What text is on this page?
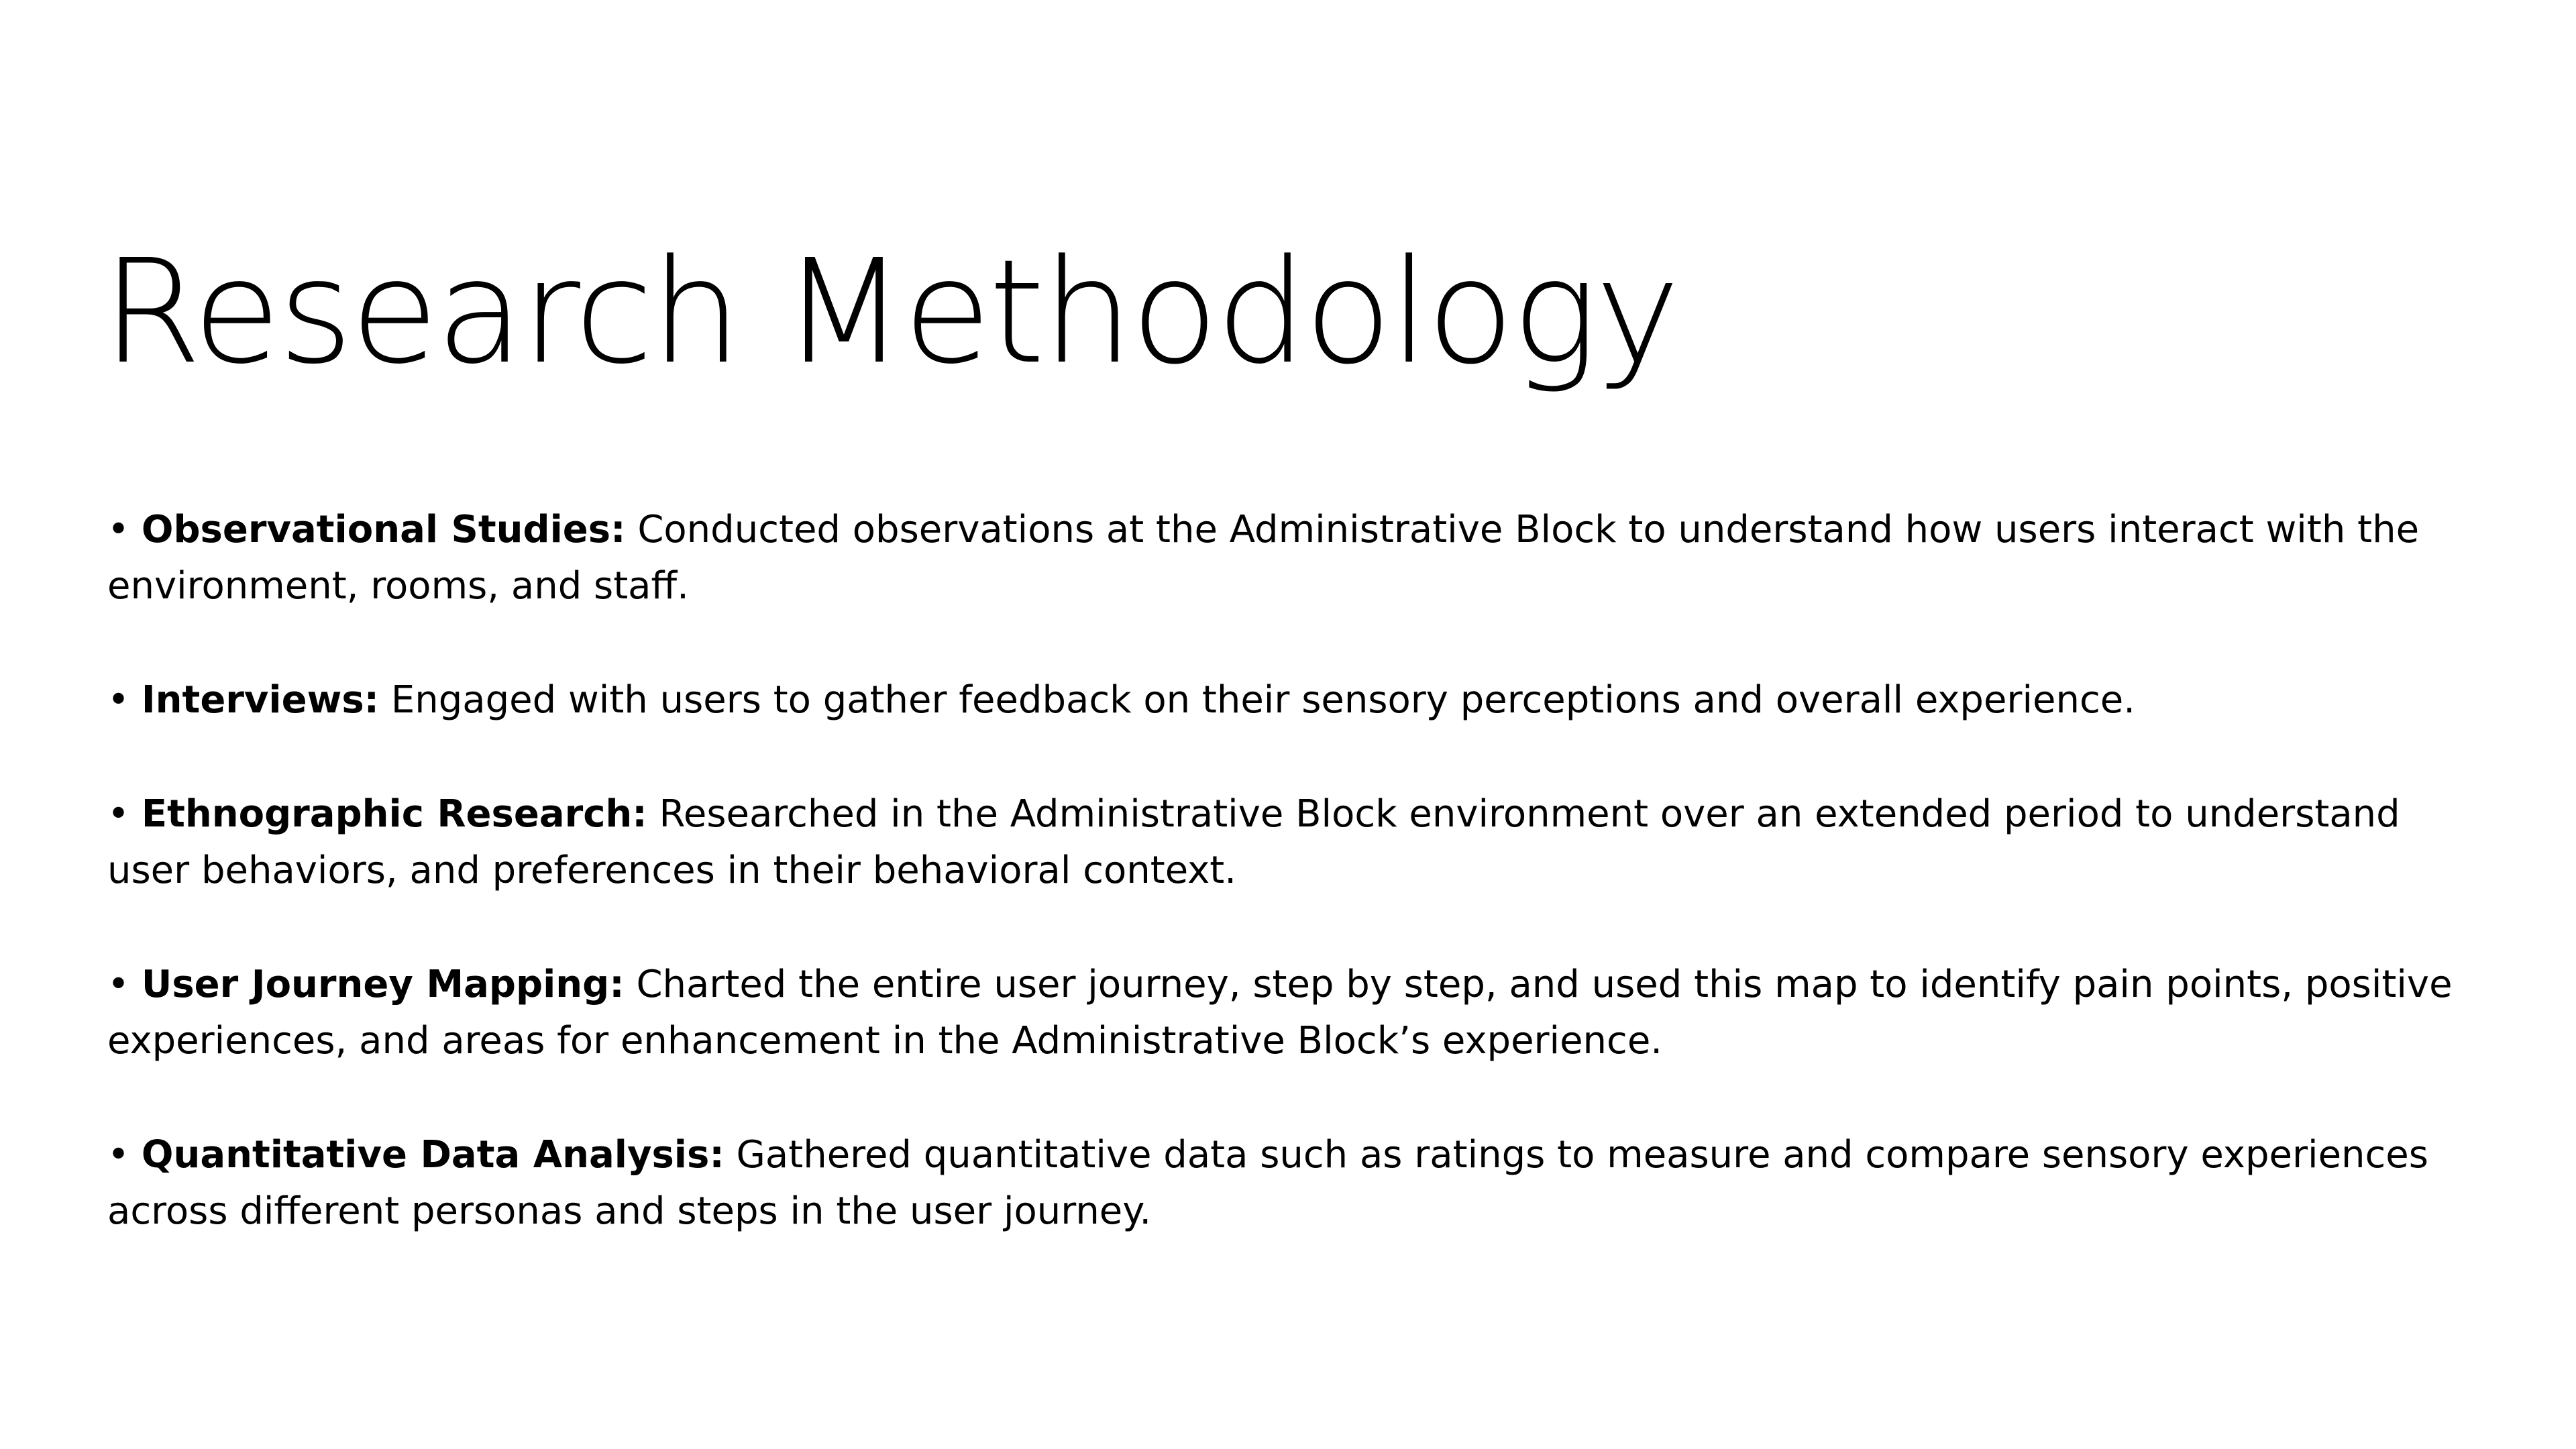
Research Methodology
• Observational Studies: Conducted observations at the Administrative Block to understand how users interact with the environment, rooms, and staff.
• Interviews: Engaged with users to gather feedback on their sensory perceptions and overall experience.
• Ethnographic Research: Researched in the Administrative Block environment over an extended period to understand user behaviors, and preferences in their behavioral context.
• User Journey Mapping: Charted the entire user journey, step by step, and used this map to identify pain points, positive experiences, and areas for enhancement in the Administrative Block’s experience.
• Quantitative Data Analysis: Gathered quantitative data such as ratings to measure and compare sensory experiences across different personas and steps in the user journey.
